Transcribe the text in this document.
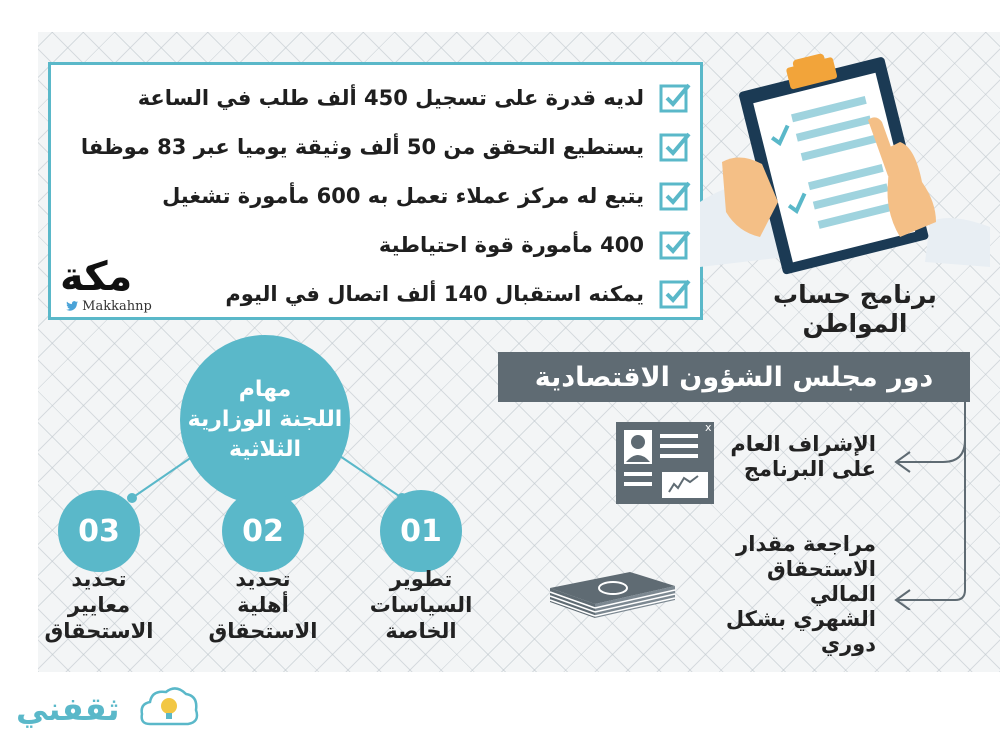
لديه قدرة على تسجيل 450 ألف طلب في الساعة
يستطيع التحقق من 50 ألف وثيقة يوميا عبر 83 موظفا
يتبع له مركز عملاء تعمل به 600 مأمورة تشغيل
400 مأمورة قوة احتياطية
يمكنه استقبال 140 ألف اتصال في اليوم
مكة
Makkahnp	برنامج حساب المواطن
دور مجلس الشؤون الاقتصادية
الإشراف العام
على البرنامج
مراجعة مقدار
الاستحقاق المالي
الشهري بشكل
دوري
x
مهام
اللجنة الوزارية
الثلاثية
01
02
03
تطوير
السياسات
الخاصة
تحديد
أهلية
الاستحقاق
تحديد
معايير
الاستحقاق
ثقفني
